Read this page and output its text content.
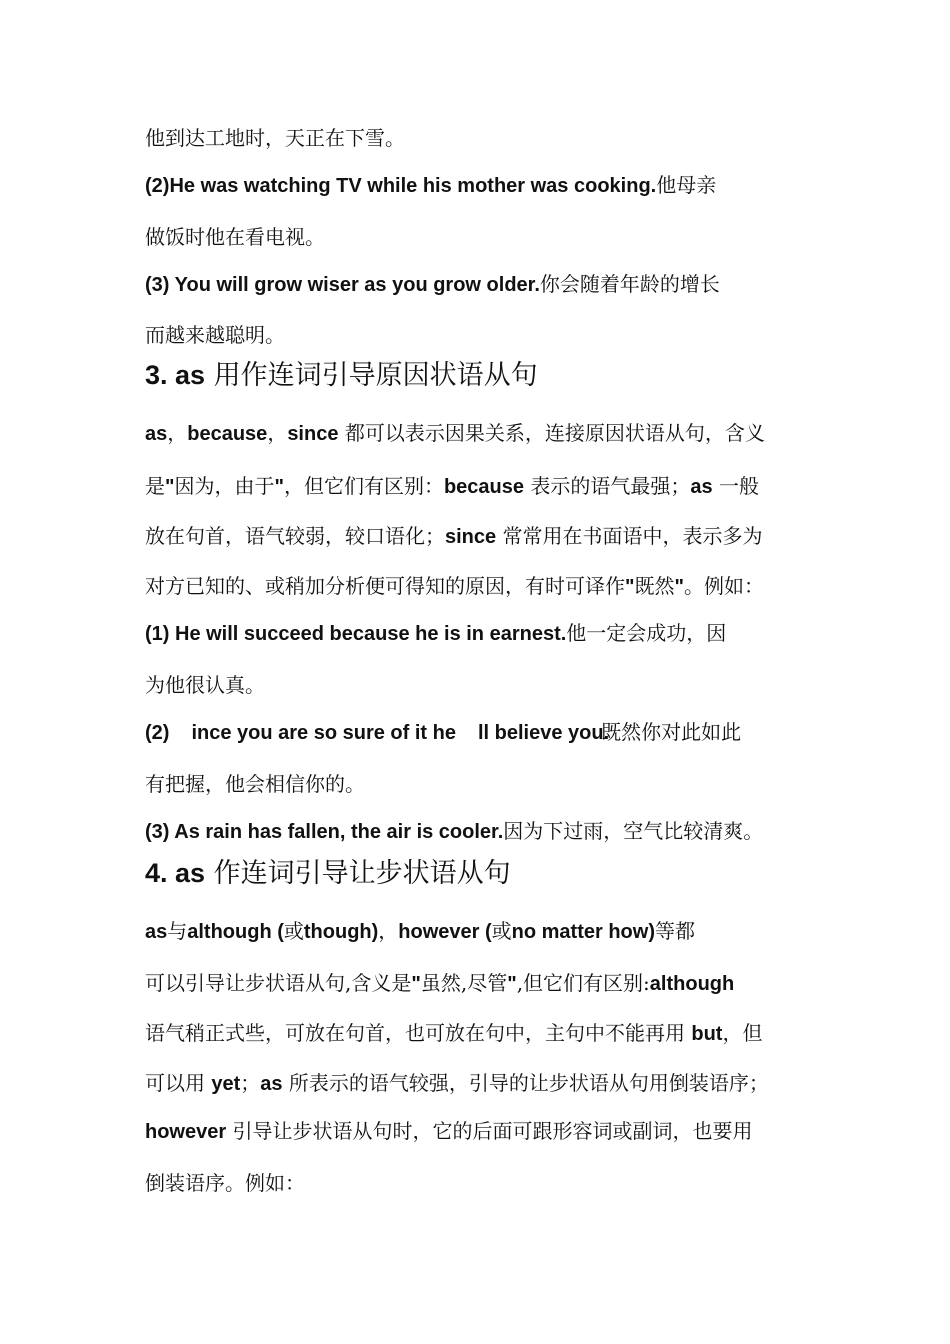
他到达工地时，天正在下雪。
(2)He was watching TV while his mother was cooking.他母亲
做饭时他在看电视。
(3) You will grow wiser as you grow older.你会随着年龄的增长
而越来越聪明。
3. as 用作连词引导原因状语从句
as，because，since 都可以表示因果关系，连接原因状语从句，含义
是"因为，由于"，但它们有区别：because 表示的语气最强；as 一般
放在句首，语气较弱，较口语化；since 常常用在书面语中，表示多为
对方已知的、或稍加分析便可得知的原因，有时可译作"既然"。例如：
(1) He will succeed because he is in earnest.他一定会成功，因
为他很认真。
(2) ince you are so sure of it he ll believe you.既然你对此如此
有把握，他会相信你的。
(3) As rain has fallen, the air is cooler.因为下过雨，空气比较清爽。
4. as 作连词引导让步状语从句
as与although (或though)，however (或no matter how)等都
可以引导让步状语从句,含义是"虽然,尽管",但它们有区别:although
语气稍正式些，可放在句首，也可放在句中，主句中不能再用 but，但
可以用 yet；as 所表示的语气较强，引导的让步状语从句用倒装语序；
however 引导让步状语从句时，它的后面可跟形容词或副词，也要用
倒装语序。例如：
